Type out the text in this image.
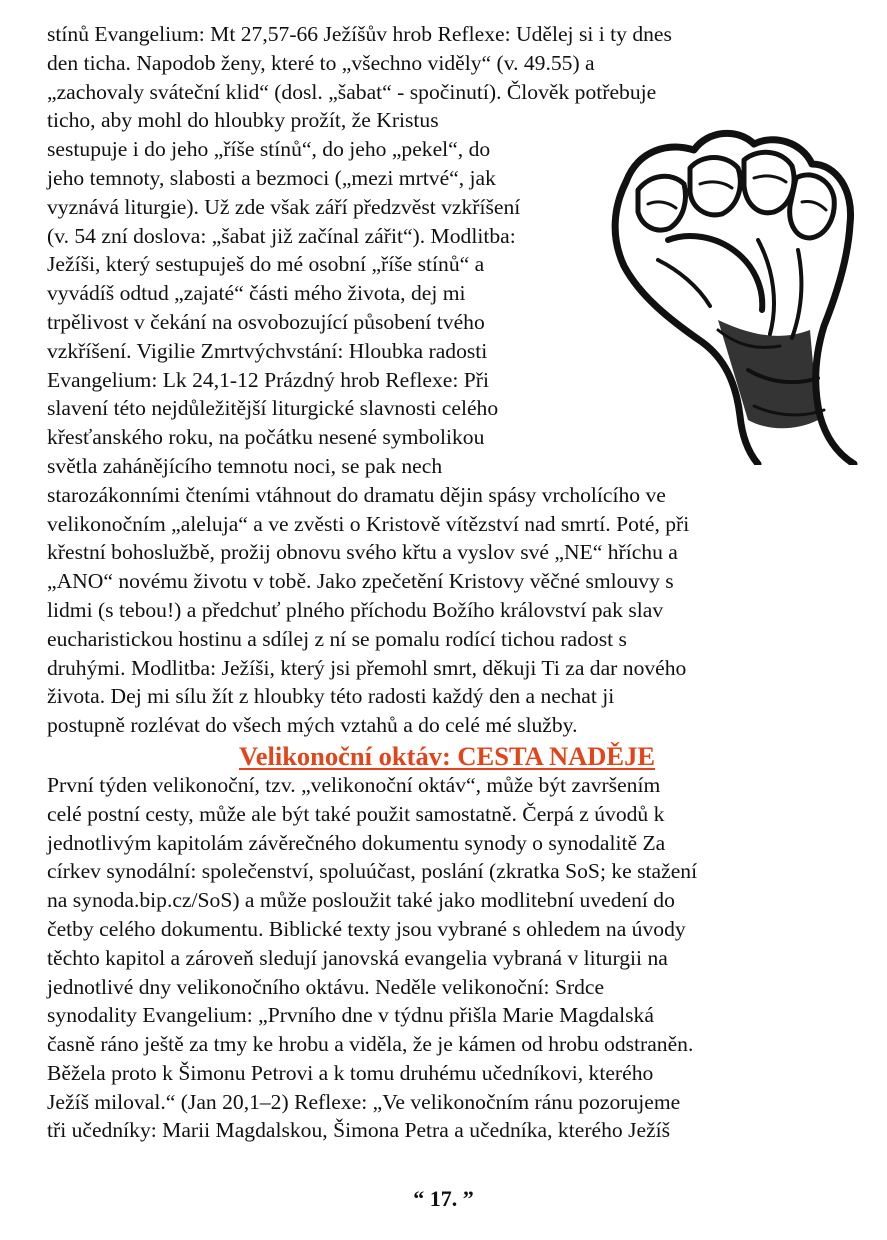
stínů Evangelium: Mt 27,57-66 Ježíšův hrob Reflexe: Udělej si i ty dnes
den ticha. Napodob ženy, které to „všechno viděly“ (v. 49.55) a
„zachovaly sváteční klid“ (dosl. „šabat“ - spočinutí). Člověk potřebuje
ticho, aby mohl do hloubky prožít, že Kristus
sestupuje i do jeho „říše stínů“, do jeho „pekel“, do
jeho temnoty, slabosti a bezmoci („mezi mrtvé“, jak
vyznává liturgie). Už zde však září předzvěst vzkříšení
(v. 54 zní doslova: „šabat již začínal zářit“). Modlitba:
Ježíši, který sestupuješ do mé osobní „říše stínů“ a
vyvádíš odtud „zajaté“ části mého života, dej mi
trpělivost v čekání na osvobozující působení tvého
vzkříšení. Vigilie Zmrtvýchvstání: Hloubka radosti
Evangelium: Lk 24,1-12 Prázdný hrob Reflexe: Při
slavení této nejdůležitější liturgické slavnosti celého
křesťanského roku, na počátku nesené symbolikou
světla zahánějícího temnotu noci, se pak nech
starozákonními čteními vtáhnout do dramatu dějin spásy vrcholícího ve
velikonočním „aleluja“ a ve zvěsti o Kristově vítězství nad smrtí. Poté, při
křestní bohoslužbě, prožij obnovu svého křtu a vyslov své „NE“ hříchu a
„ANO“ novému životu v tobě. Jako zpečetění Kristovy věčné smlouvy s
lidmi (s tebou!) a předchuť plného příchodu Božího království pak slav
eucharistickou hostinu a sdílej z ní se pomalu rodící tichou radost s
druhými. Modlitba: Ježíši, který jsi přemohl smrt, děkuji Ti za dar nového
života. Dej mi sílu žít z hloubky této radosti každý den a nechat ji
postupně rozlévat do všech mých vztahů a do celé mé služby.
Velikonoční oktáv: CESTA NADĚJE
První týden velikonoční, tzv. „velikonoční oktáv“, může být završením
celé postní cesty, může ale být také použit samostatně. Čerpá z úvodů k
jednotlivým kapitolám závěrečného dokumentu synody o synodalitě Za
církev synodální: společenství, spoluúčast, poslání (zkratka SoS; ke stažení
na synoda.bip.cz/SoS) a může posloužit také jako modlitební uvedení do
četby celého dokumentu. Biblické texty jsou vybrané s ohledem na úvody
těchto kapitol a zároveň sledují janovská evangelia vybraná v liturgii na
jednotlivé dny velikonočního oktávu. Neděle velikonoční: Srdce
synodality Evangelium: „Prvního dne v týdnu přišla Marie Magdalská
časně ráno ještě za tmy ke hrobu a viděla, že je kámen od hrobu odstraněn.
Běžela proto k Šimonu Petrovi a k tomu druhému učedníkovi, kterého
Ježíš miloval.“ (Jan 20,1–2) Reflexe: „Ve velikonočním ránu pozorujeme
tři učedníky: Marii Magdalskou, Šimona Petra a učedníka, kterého Ježíš
“ 17. ”
